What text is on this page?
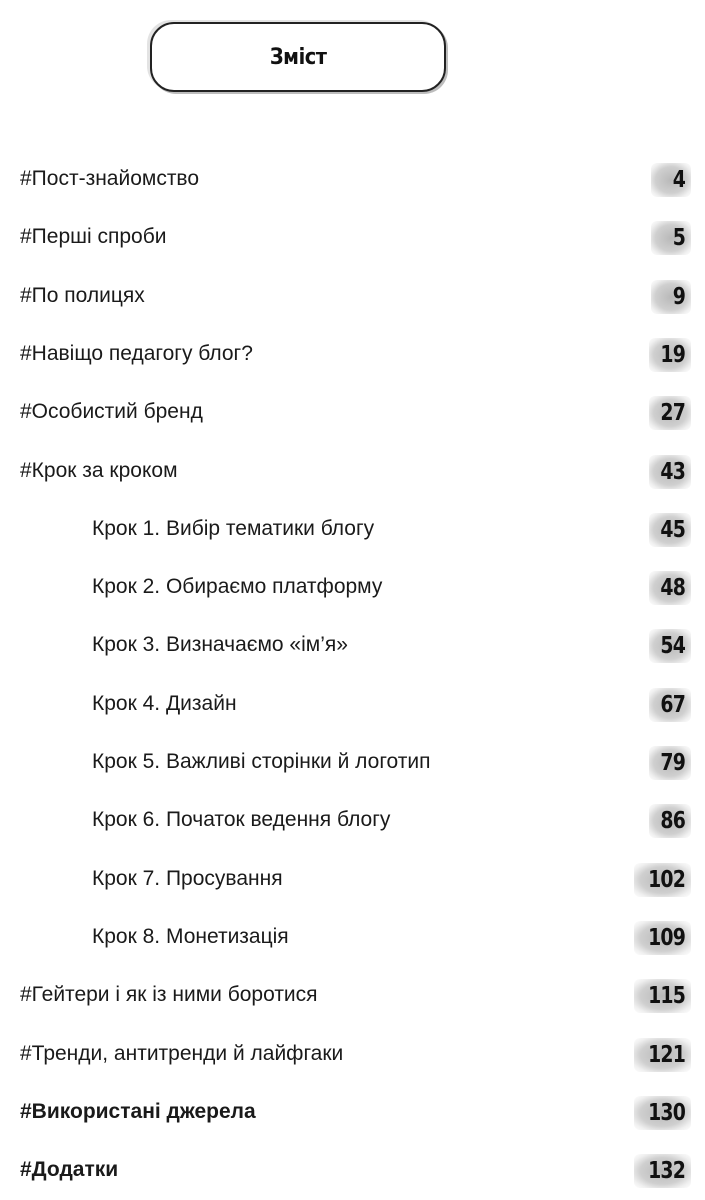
Зміст
#Пост-знайомство	4
#Перші спроби	5
#По полицях	9
#Навіщо педагогу блог?	19
#Особистий бренд	27
#Крок за кроком	43
Крок 1. Вибір тематики блогу	45
Крок 2. Обираємо платформу	48
Крок 3. Визначаємо «ім’я»	54
Крок 4. Дизайн	67
Крок 5. Важливі сторінки й логотип	79
Крок 6. Початок ведення блогу	86
Крок 7. Просування	102
Крок 8. Монетизація	109
#Гейтери і як із ними боротися	115
#Тренди, антитренди й лайфгаки	121
#Використані джерела	130
#Додатки	132
